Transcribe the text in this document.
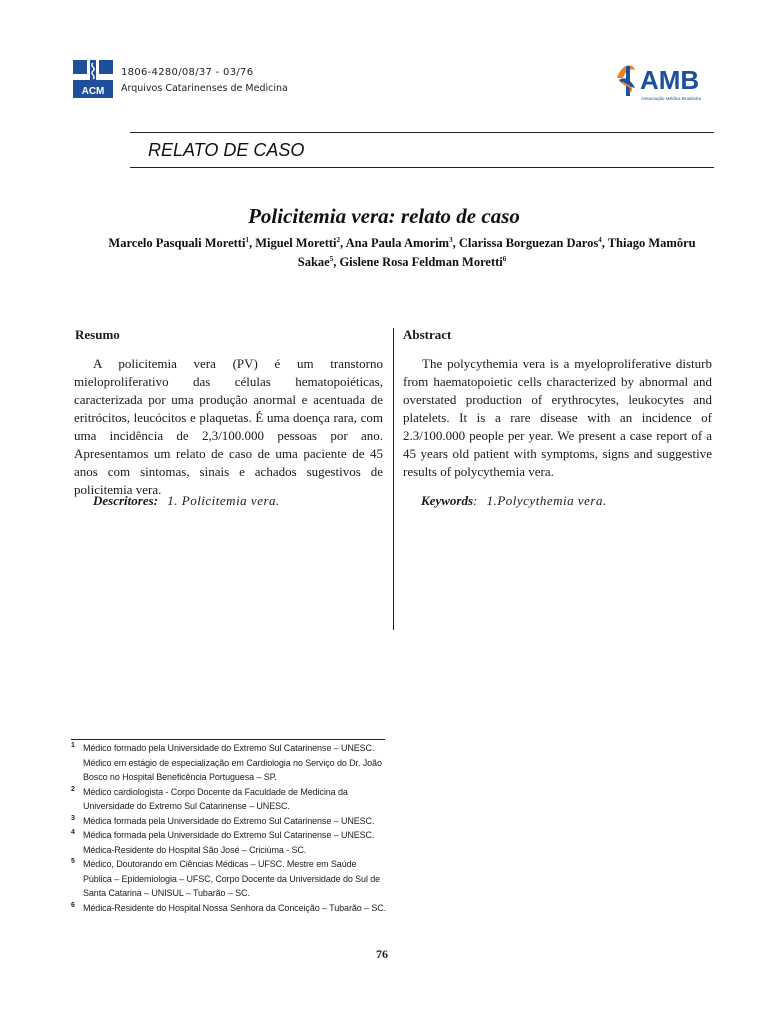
ACM
1806-4280/08/37 - 03/76
Arquivos Catarinenses de Medicina	AMB
Associação Médica Brasileira
RELATO DE CASO
Policitemia vera: relato de caso
Marcelo Pasquali Moretti$^1$, Miguel Moretti$^2$, Ana Paula Amorim$^3$, Clarissa Borguezan Daros$^4$, Thiago Mamôru Sakae$^5$, Gislene Rosa Feldman Moretti$^6$
Resumo

A policitemia vera (PV) é um transtorno mieloproliferativo das células hematopoiéticas, caracterizada por uma produção anormal e acentuada de eritrócitos, leucócitos e plaquetas. É uma doença rara, com uma incidência de 2,3/100.000 pessoas por ano. Apresentamos um relato de caso de uma paciente de 45 anos com sintomas, sinais e achados sugestivos de policitemia vera.

Descritores: 1. Policitemia vera.
Abstract

The polycythemia vera is a myeloproliferative disturb from haematopoietic cells characterized by abnormal and overstated production of erythrocytes, leukocytes and platelets. It is a rare disease with an incidence of 2.3/100.000 people per year. We present a case report of a 45 years old patient with symptoms, signs and suggestive results of polycythemia vera.

Keywords: 1.Polycythemia vera.
1 Médico formado pela Universidade do Extremo Sul Catarinense – UNESC. Médico em estágio de especialização em Cardiologia no Serviço do Dr. João Bosco no Hospital Beneficência Portuguesa – SP.
2 Médico cardiologista - Corpo Docente da Faculdade de Medicina da Universidade do Extremo Sul Catarinense – UNESC.
3 Médica formada pela Universidade do Extremo Sul Catarinense – UNESC.
4 Médica formada pela Universidade do Extremo Sul Catarinense – UNESC. Médica-Residente do Hospital São José – Criciúma - SC.
5 Médico, Doutorando em Ciências Médicas – UFSC. Mestre em Saúde Pública – Epidemiologia – UFSC, Corpo Docente da Universidade do Sul de Santa Catarina – UNISUL – Tubarão – SC.
6 Médica-Residente do Hospital Nossa Senhora da Conceição – Tubarão – SC.
76
